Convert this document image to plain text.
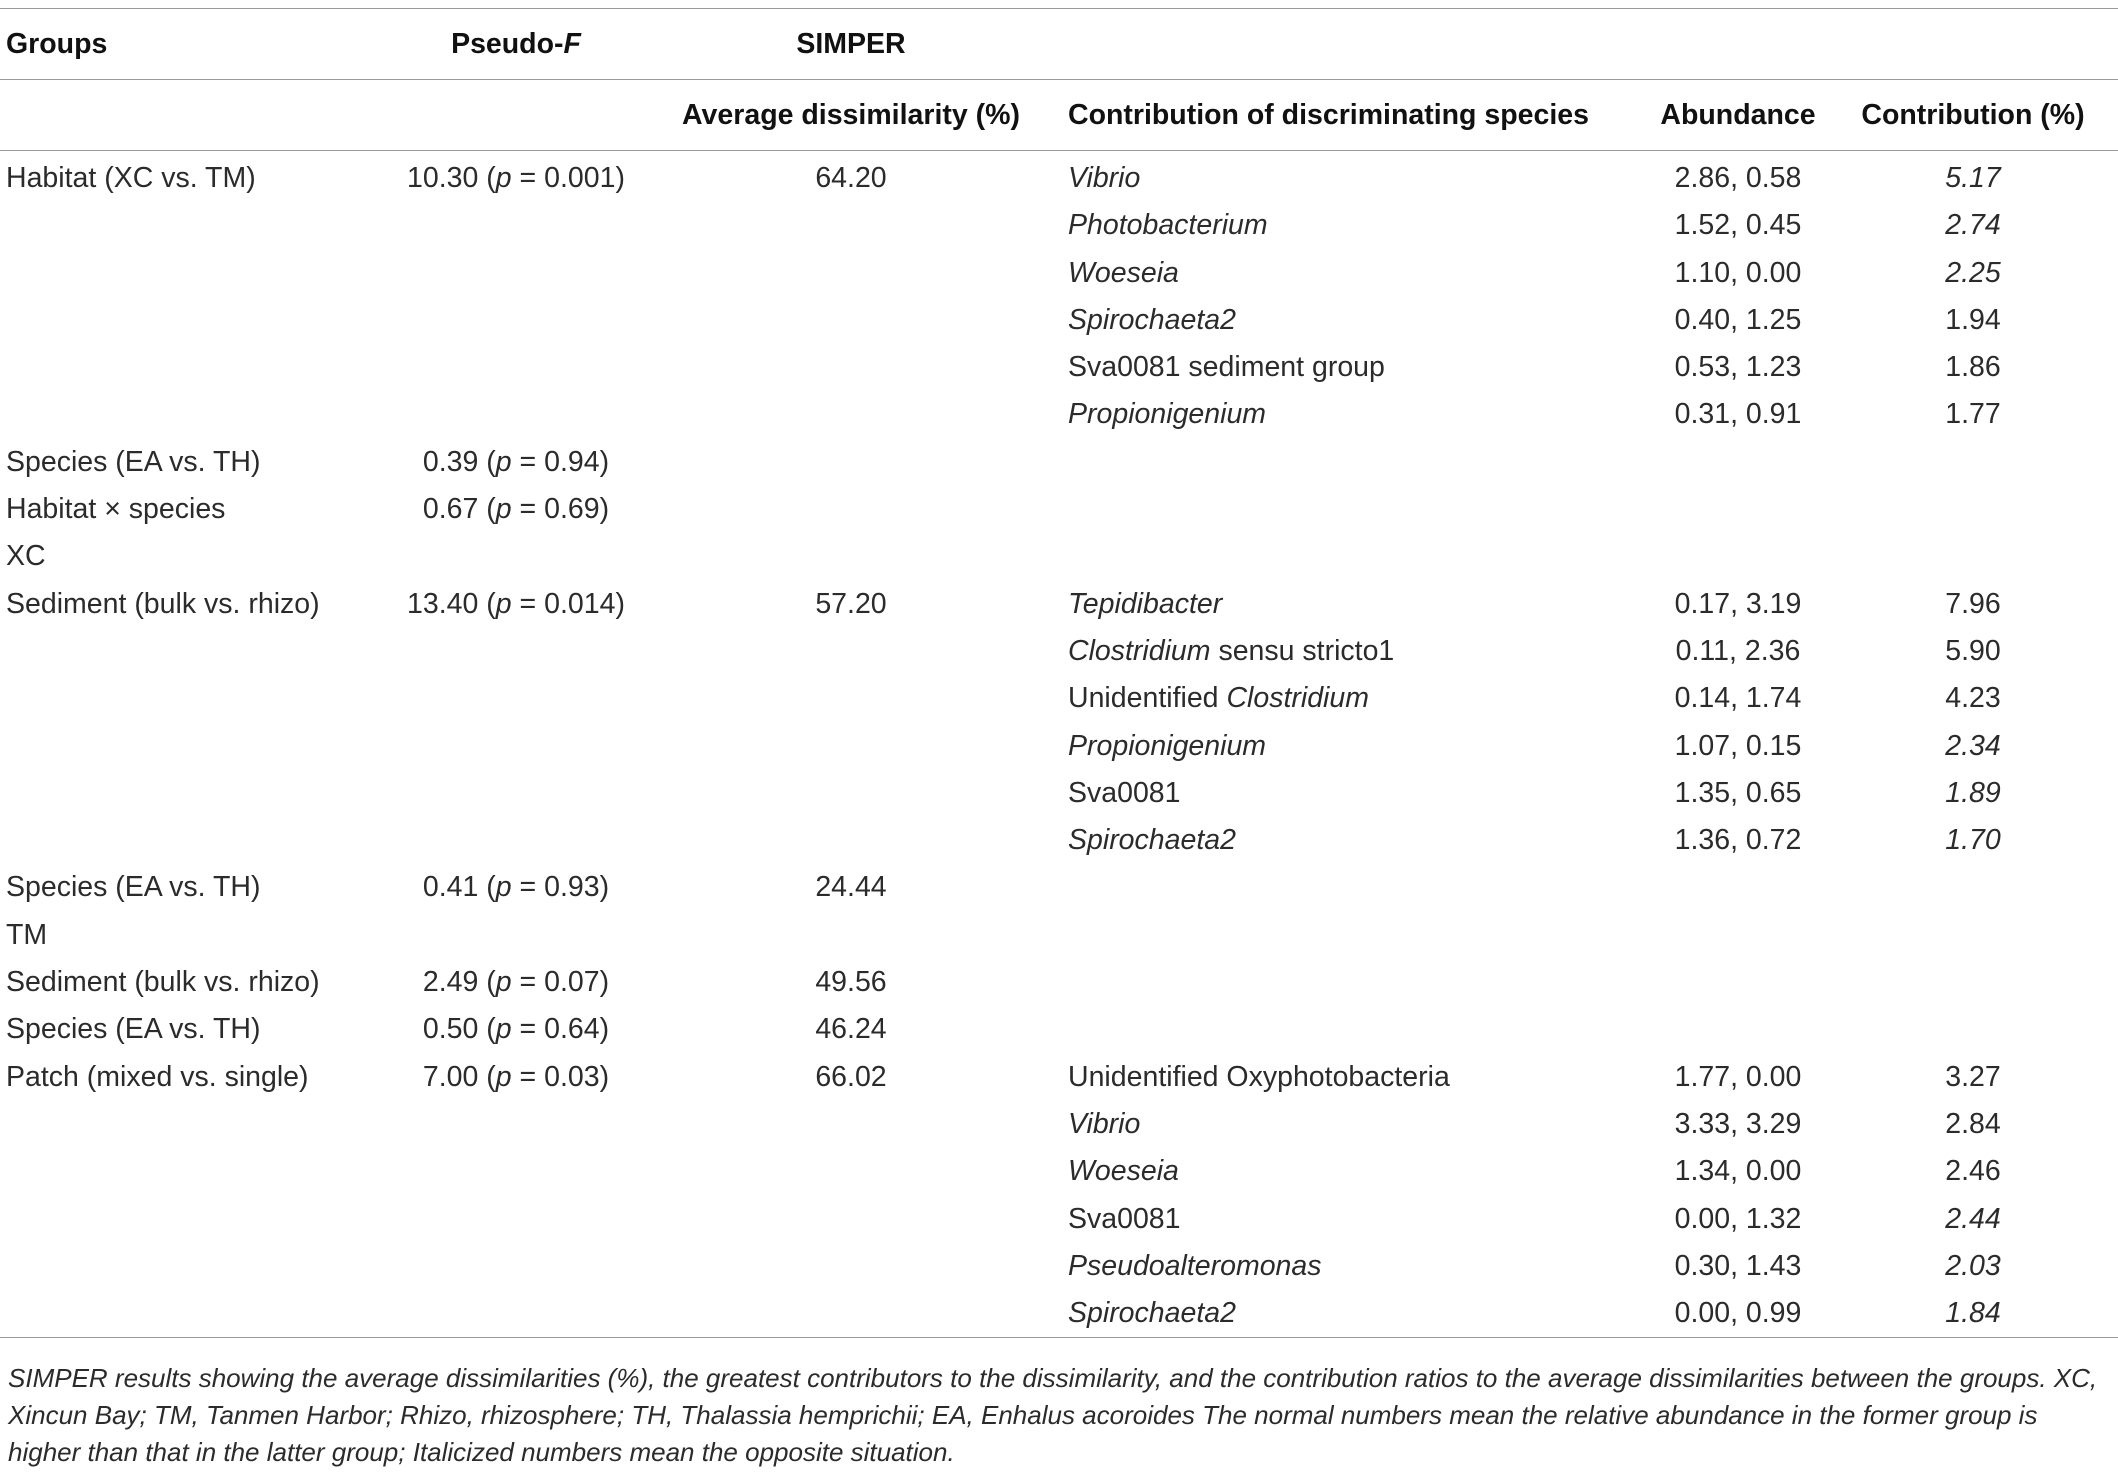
Groups	Pseudo-F	SIMPER			
		Average dissimilarity (%)	Contribution of discriminating species	Abundance	Contribution (%)
Habitat (XC vs. TM)	10.30 (p = 0.001)	64.20	Vibrio	2.86, 0.58	5.17
			Photobacterium	1.52, 0.45	2.74
			Woeseia	1.10, 0.00	2.25
			Spirochaeta2	0.40, 1.25	1.94
			Sva0081 sediment group	0.53, 1.23	1.86
			Propionigenium	0.31, 0.91	1.77
Species (EA vs. TH)	0.39 (p = 0.94)				
Habitat × species	0.67 (p = 0.69)				
XC					
Sediment (bulk vs. rhizo)	13.40 (p = 0.014)	57.20	Tepidibacter	0.17, 3.19	7.96
			Clostridium sensu stricto1	0.11, 2.36	5.90
			Unidentified Clostridium	0.14, 1.74	4.23
			Propionigenium	1.07, 0.15	2.34
			Sva0081	1.35, 0.65	1.89
			Spirochaeta2	1.36, 0.72	1.70
Species (EA vs. TH)	0.41 (p = 0.93)	24.44			
TM					
Sediment (bulk vs. rhizo)	2.49 (p = 0.07)	49.56			
Species (EA vs. TH)	0.50 (p = 0.64)	46.24			
Patch (mixed vs. single)	7.00 (p = 0.03)	66.02	Unidentified Oxyphotobacteria	1.77, 0.00	3.27
			Vibrio	3.33, 3.29	2.84
			Woeseia	1.34, 0.00	2.46
			Sva0081	0.00, 1.32	2.44
			Pseudoalteromonas	0.30, 1.43	2.03
			Spirochaeta2	0.00, 0.99	1.84
SIMPER results showing the average dissimilarities (%), the greatest contributors to the dissimilarity, and the contribution ratios to the average dissimilarities between the groups. XC, Xincun Bay; TM, Tanmen Harbor; Rhizo, rhizosphere; TH, Thalassia hemprichii; EA, Enhalus acoroides The normal numbers mean the relative abundance in the former group is higher than that in the latter group; Italicized numbers mean the opposite situation.
